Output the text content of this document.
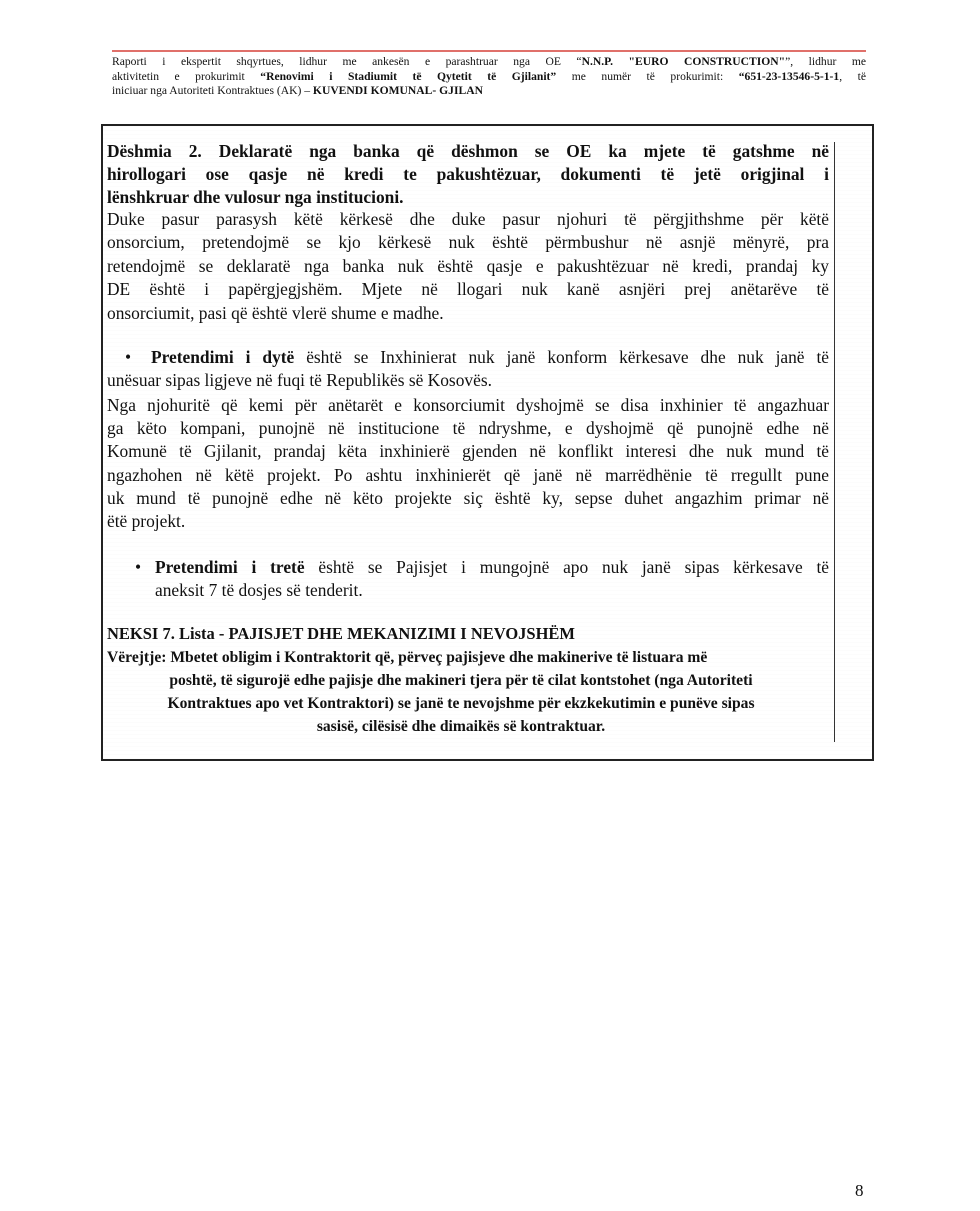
Raporti i ekspertit shqyrtues, lidhur me ankesën e parashtruar nga OE “N.N.P. "EURO CONSTRUCTION"”, lidhur me
aktivitetin e prokurimit “Renovimi i Stadiumit të Qytetit të Gjilanit” me numër të prokurimit: “651-23-13546-5-1-1, të
iniciuar nga Autoriteti Kontraktues (AK) – KUVENDI KOMUNAL- GJILAN

Dëshmia 2. Deklaratë nga banka që dëshmon se OE ka mjete të gatshme në
hirollogari ose qasje në kredi te pakushtëzuar, dokumenti të jetë origjinal i
lënshkruar dhe vulosur nga institucioni.
Duke pasur parasysh këtë kërkesë dhe duke pasur njohuri të përgjithshme për këtë
onsorcium, pretendojmë se kjo kërkesë nuk është përmbushur në asnjë mënyrë, pra
retendojmë se deklaratë nga banka nuk është qasje e pakushtëzuar në kredi, prandaj ky
DE është i papërgjegjshëm. Mjete në llogari nuk kanë asnjëri prej anëtarëve të
onsorciumit, pasi që është vlerë shume e madhe.
• Pretendimi i dytë është se Inxhinierat nuk janë konform kërkesave dhe nuk janë të
unësuar sipas ligjeve në fuqi të Republikës së Kosovës.
Nga njohuritë që kemi për anëtarët e konsorciumit dyshojmë se disa inxhinier të angazhuar
ga këto kompani, punojnë në institucione të ndryshme, e dyshojmë që punojnë edhe në
Komunë të Gjilanit, prandaj këta inxhinierë gjenden në konflikt interesi dhe nuk mund të
ngazhohen në këtë projekt. Po ashtu inxhinierët që janë në marrëdhënie të rregullt pune
uk mund të punojnë edhe në këto projekte siç është ky, sepse duhet angazhim primar në
ëtë projekt.
• Pretendimi i tretë është se Pajisjet i mungojnë apo nuk janë sipas kërkesave të
aneksit 7 të dosjes së tenderit.
NEKSI 7. Lista - PAJISJET DHE MEKANIZIMI I NEVOJSHËM
Vërejtje: Mbetet obligim i Kontraktorit që, përveç pajisjeve dhe makinerive të listuara më
poshtë, të sigurojë edhe pajisje dhe makineri tjera për të cilat kontstohet (nga Autoriteti
Kontraktues apo vet Kontraktori) se janë te nevojshme për ekzkekutimin e punëve sipas
sasisë, cilësisë dhe dimaikës së kontraktuar.
8
